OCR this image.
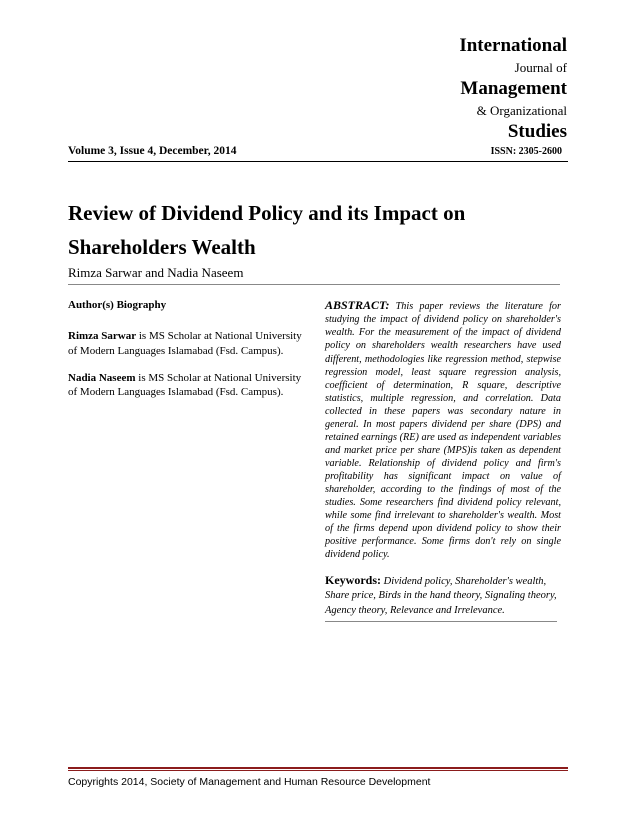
International
Journal of
Management
& Organizational
Studies
Volume 3, Issue 4, December, 2014	ISSN: 2305-2600
Review of Dividend Policy and its Impact on Shareholders Wealth
Rimza Sarwar and Nadia Naseem
Author(s) Biography

Rimza Sarwar is MS Scholar at National University of Modern Languages Islamabad (Fsd. Campus).

Nadia Naseem is MS Scholar at National University of Modern Languages Islamabad (Fsd. Campus).

ABSTRACT: This paper reviews the literature for studying the impact of dividend policy on shareholder's wealth. For the measurement of the impact of dividend policy on shareholders wealth researchers have used different, methodologies like regression method, stepwise regression model, least square regression analysis, coefficient of determination, R square, descriptive statistics, multiple regression, and correlation. Data collected in these papers was secondary nature in general. In most papers dividend per share (DPS) and retained earnings (RE) are used as independent variables and market price per share (MPS)is taken as dependent variable. Relationship of dividend policy and firm's profitability has significant impact on value of shareholder, according to the findings of most of the studies. Some researchers find dividend policy relevant, while some find irrelevant to shareholder's wealth. Most of the firms depend upon dividend policy to show their positive performance. Some firms don't rely on single dividend policy.

Keywords: Dividend policy, Shareholder's wealth, Share price, Birds in the hand theory, Signaling theory, Agency theory, Relevance and Irrelevance.
Copyrights 2014, Society of Management and Human Resource Development
